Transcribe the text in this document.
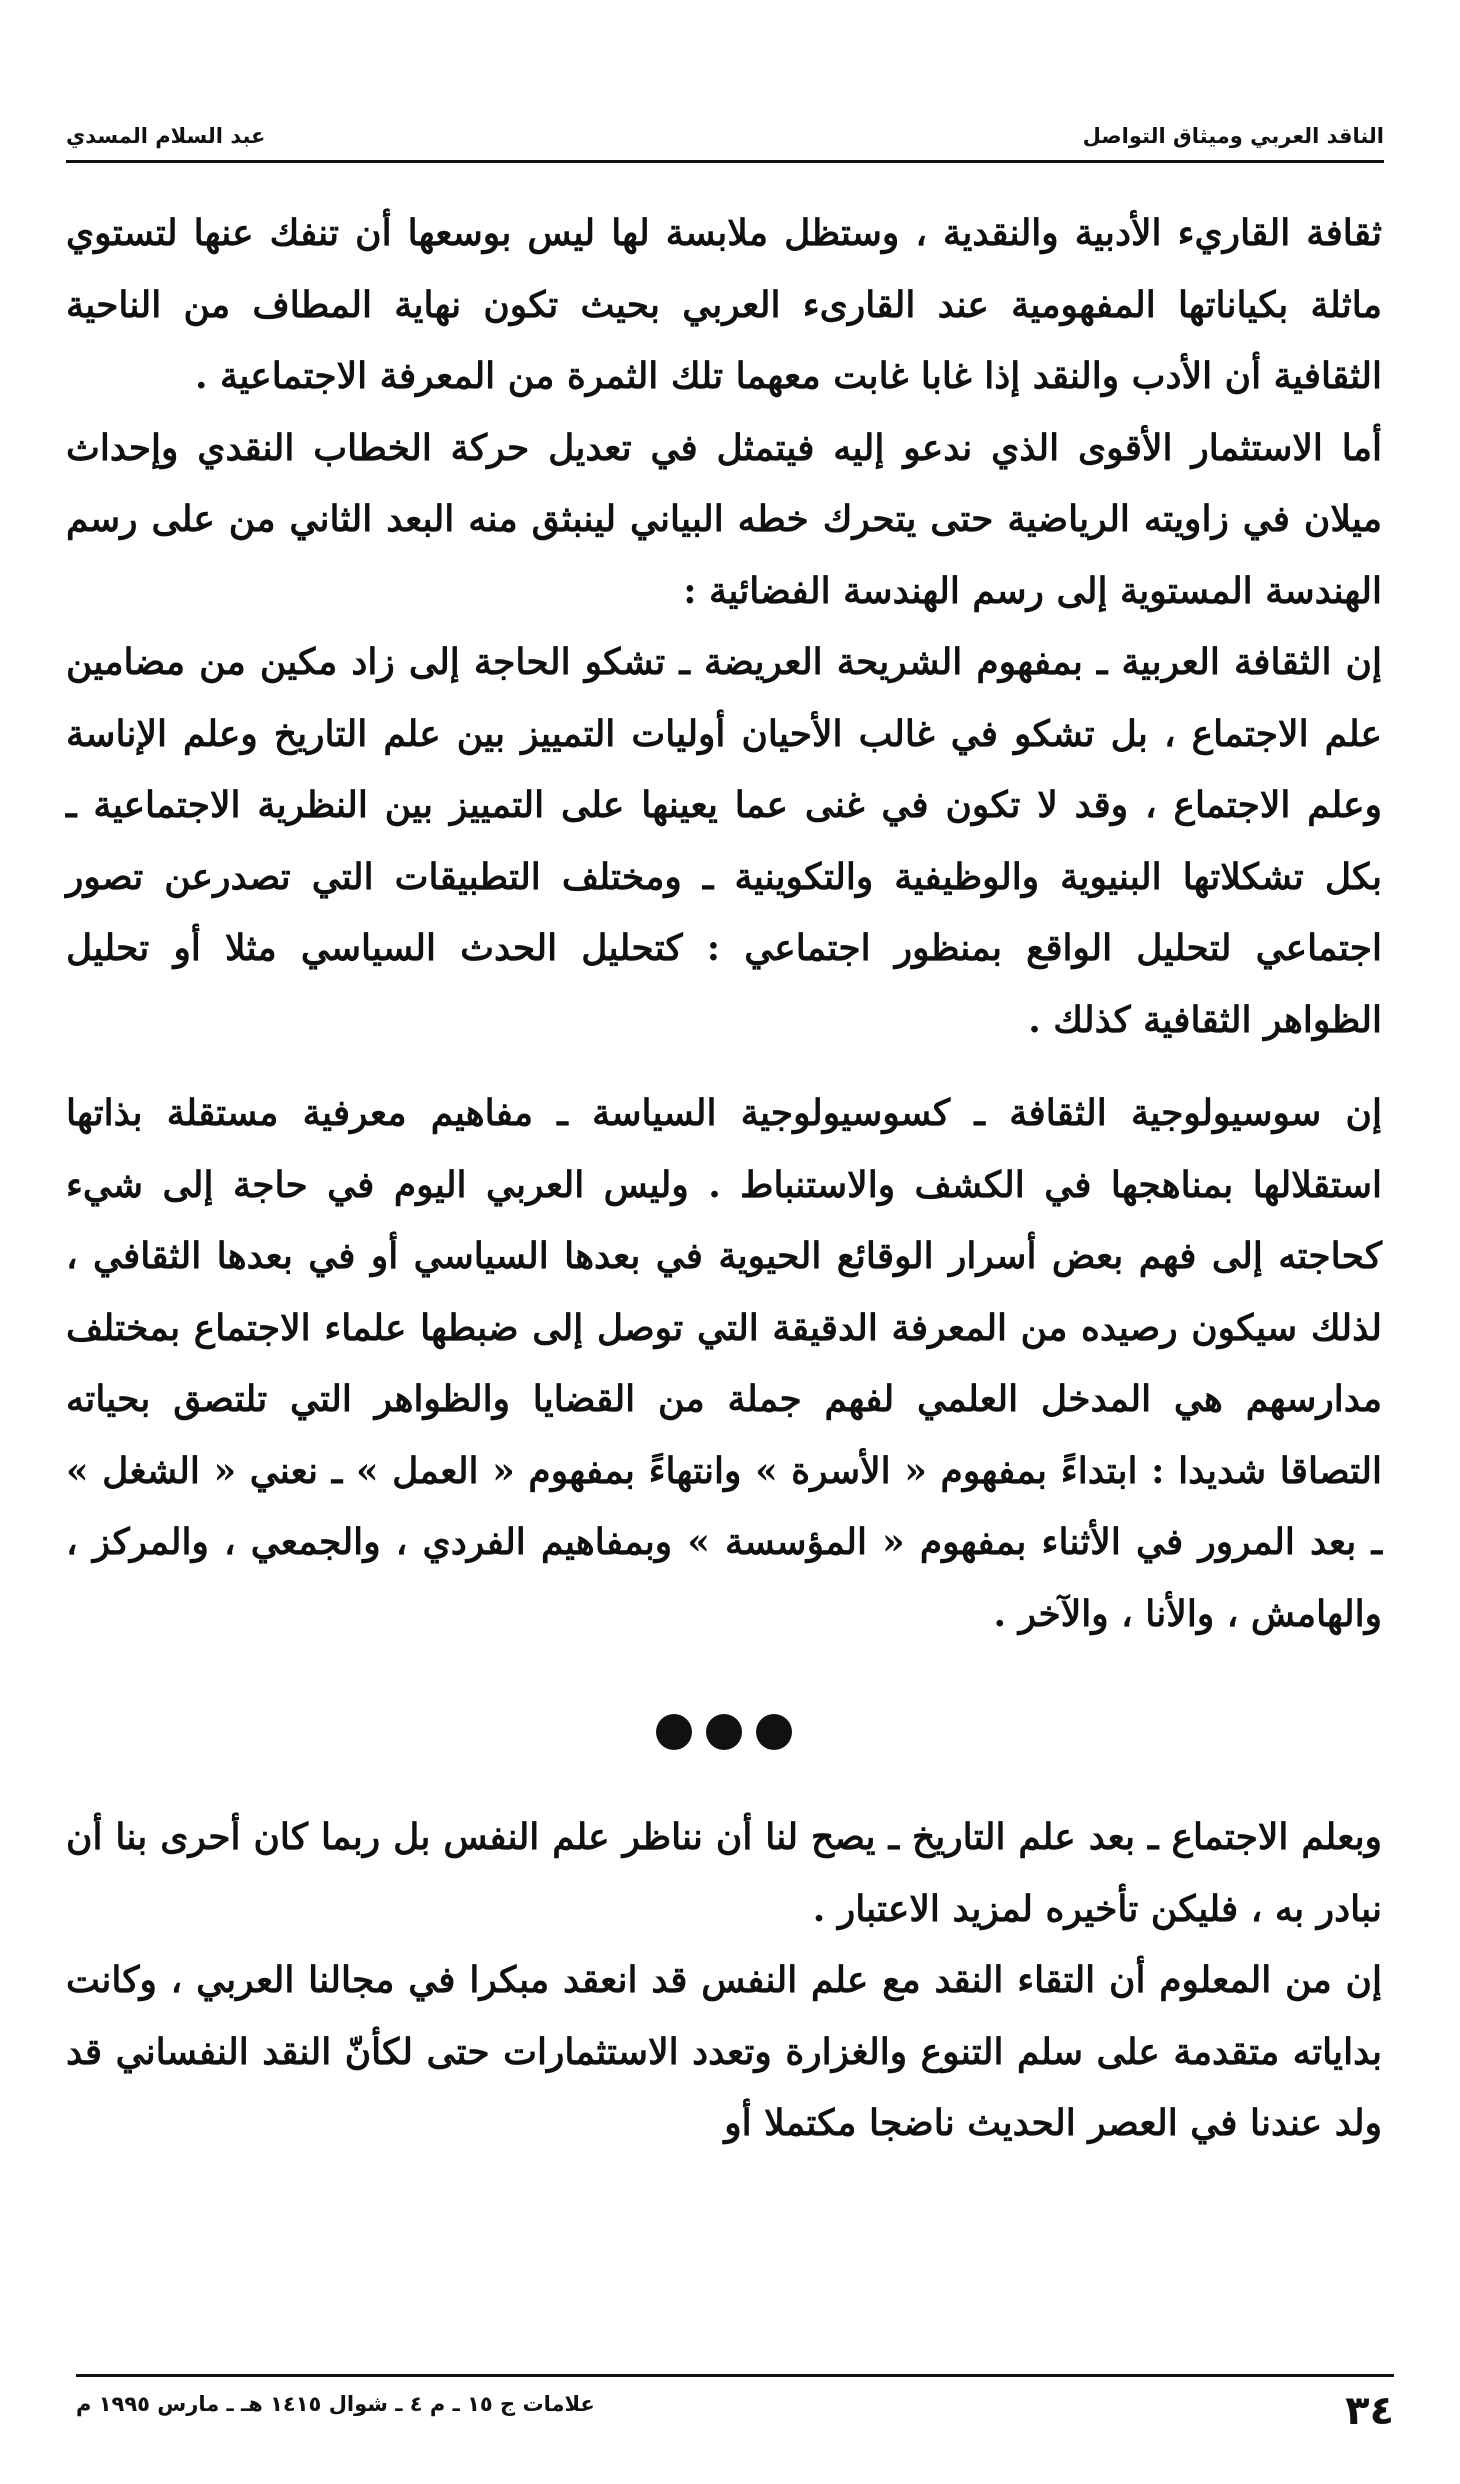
الناقد العربي وميثاق التواصل
عبد السلام المسدي

ثقافة القاريء الأدبية والنقدية ، وستظل ملابسة لها ليس بوسعها أن تنفك عنها لتستوي ماثلة بكياناتها المفهومية عند القارىء العربي بحيث تكون نهاية المطاف من الناحية الثقافية أن الأدب والنقد إذا غابا غابت معهما تلك الثمرة من المعرفة الاجتماعية .

أما الاستثمار الأقوى الذي ندعو إليه فيتمثل في تعديل حركة الخطاب النقدي وإحداث ميلان في زاويته الرياضية حتى يتحرك خطه البياني لينبثق منه البعد الثاني من على رسم الهندسة المستوية إلى رسم الهندسة الفضائية :

إن الثقافة العربية ـ بمفهوم الشريحة العريضة ـ تشكو الحاجة إلى زاد مكين من مضامين علم الاجتماع ، بل تشكو في غالب الأحيان أوليات التمييز بين علم التاريخ وعلم الإناسة وعلم الاجتماع ، وقد لا تكون في غنى عما يعينها على التمييز بين النظرية الاجتماعية ـ بكل تشكلاتها البنيوية والوظيفية والتكوينية ـ ومختلف التطبيقات التي تصدرعن تصور اجتماعي لتحليل الواقع بمنظور اجتماعي : كتحليل الحدث السياسي مثلا أو تحليل الظواهر الثقافية كذلك .

إن سوسيولوجية الثقافة ـ كسوسيولوجية السياسة ـ مفاهيم معرفية مستقلة بذاتها استقلالها بمناهجها في الكشف والاستنباط . وليس العربي اليوم في حاجة إلى شيء كحاجته إلى فهم بعض أسرار الوقائع الحيوية في بعدها السياسي أو في بعدها الثقافي ، لذلك سيكون رصيده من المعرفة الدقيقة التي توصل إلى ضبطها علماء الاجتماع بمختلف مدارسهم هي المدخل العلمي لفهم جملة من القضايا والظواهر التي تلتصق بحياته التصاقا شديدا : ابتداءً بمفهوم « الأسرة » وانتهاءً بمفهوم « العمل » ـ نعني « الشغل » ـ بعد المرور في الأثناء بمفهوم « المؤسسة » وبمفاهيم الفردي ، والجمعي ، والمركز ، والهامش ، والأنا ، والآخر .

وبعلم الاجتماع ـ بعد علم التاريخ ـ يصح لنا أن نناظر علم النفس بل ربما كان أحرى بنا أن نبادر به ، فليكن تأخيره لمزيد الاعتبار .

إن من المعلوم أن التقاء النقد مع علم النفس قد انعقد مبكرا في مجالنا العربي ، وكانت بداياته متقدمة على سلم التنوع والغزارة وتعدد الاستثمارات حتى لكأنّ النقد النفساني قد ولد عندنا في العصر الحديث ناضجا مكتملا أو

٣٤
علامات ج ١٥ ـ م ٤ ـ شوال ١٤١٥ هـ ـ مارس ١٩٩٥ م
